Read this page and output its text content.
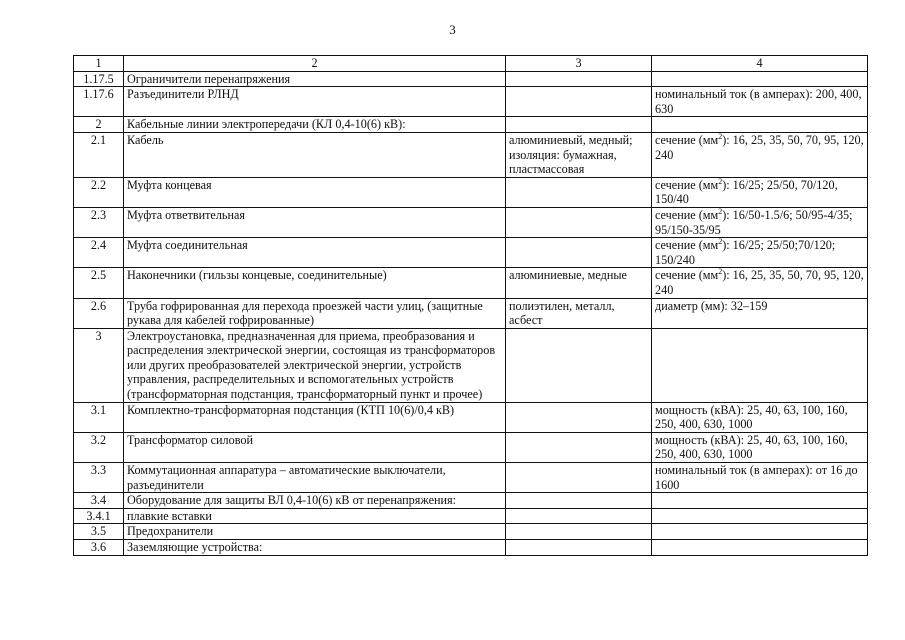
3
1	2	3	4
1.17.5	Ограничители перенапряжения		
1.17.6	Разъединители РЛНД		номинальный ток (в амперах): 200, 400, 630
2	Кабельные линии электропередачи (КЛ 0,4-10(6) кВ):		
2.1	Кабель	алюминиевый, медный; изоляция: бумажная, пластмассовая	сечение $(мм^2)$: 16, 25, 35, 50, 70, 95, 120, 240
2.2	Муфта концевая		сечение $(мм^2)$: 16/25; 25/50, 70/120, 150/40
2.3	Муфта ответвительная		сечение $(мм^2)$: 16/50-1.5/6; 50/95-4/35; 95/150-35/95
2.4	Муфта соединительная		сечение $(мм^2)$: 16/25; 25/50;70/120; 150/240
2.5	Наконечники (гильзы концевые, соединительные)	алюминиевые, медные	сечение $(мм^2)$: 16, 25, 35, 50, 70, 95, 120, 240
2.6	Труба гофрированная для перехода проезжей части улиц, (защитные рукава для кабелей гофрированные)	полиэтилен, металл, асбест	диаметр (мм): 32–159
3	Электроустановка, предназначенная для приема, преобразования и распределения электрической энергии, состоящая из трансформаторов или других преобразователей электрической энергии, устройств управления, распределительных и вспомогательных устройств (трансформаторная подстанция, трансформаторный пункт и прочее)		
3.1	Комплектно-трансформаторная подстанция (КТП 10(6)/0,4 кВ)		мощность (кВА): 25, 40, 63, 100, 160, 250, 400, 630, 1000
3.2	Трансформатор силовой		мощность (кВА): 25, 40, 63, 100, 160, 250, 400, 630, 1000
3.3	Коммутационная аппаратура – автоматические выключатели, разъединители		номинальный ток (в амперах): от 16 до 1600
3.4	Оборудование для защиты ВЛ 0,4-10(6) кВ от перенапряжения:		
3.4.1	плавкие вставки		
3.5	Предохранители		
3.6	Заземляющие устройства:		
